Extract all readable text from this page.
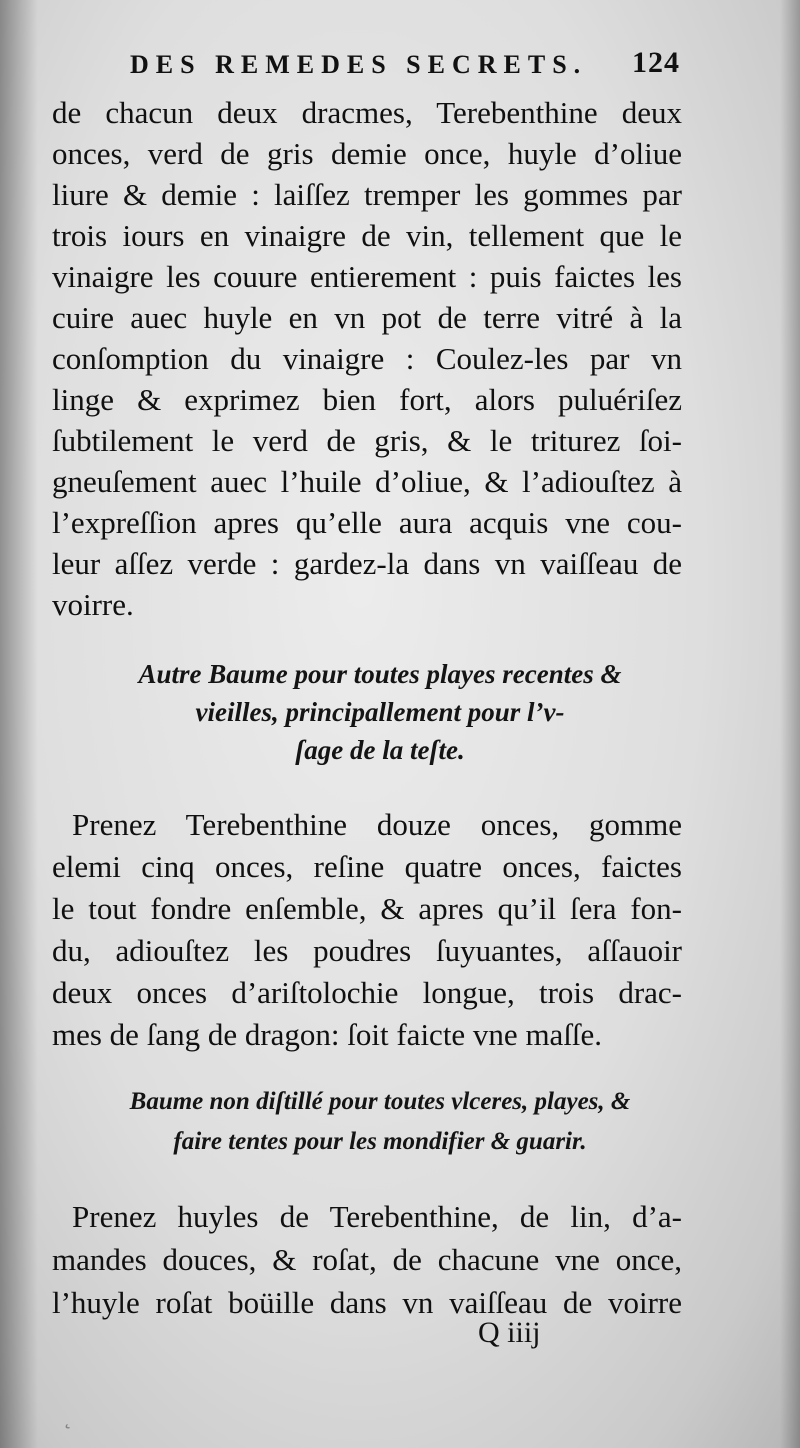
DES REMEDES SECRETS. 124
de chacun deux dracmes, Terebenthine deux
onces, verd de gris demie once, huyle d’oliue
liure & demie : laiſſez tremper les gommes par
trois iours en vinaigre de vin, tellement que le
vinaigre les couure entierement : puis faictes les
cuire auec huyle en vn pot de terre vitré à la
conſomption du vinaigre : Coulez-les par vn
linge & exprimez bien fort, alors puluériſez
ſubtilement le verd de gris, & le triturez ſoi-
gneuſement auec l’huile d’oliue, & l’adiouſtez à
l’expreſſion apres qu’elle aura acquis vne cou-
leur aſſez verde : gardez-la dans vn vaiſſeau de
voirre.
Autre Baume pour toutes playes recentes &
vieilles, principallement pour l’v-
ſage de la teſte.
Prenez Terebenthine douze onces, gomme
elemi cinq onces, reſine quatre onces, faictes
le tout fondre enſemble, & apres qu’il ſera fon-
du, adiouſtez les poudres ſuyuantes, aſſauoir
deux onces d’ariſtolochie longue, trois drac-
mes de ſang de dragon: ſoit faicte vne maſſe.
Baume non diſtillé pour toutes vlceres, playes, &
faire tentes pour les mondifier & guarir.
Prenez huyles de Terebenthine, de lin, d’a-
mandes douces, & roſat, de chacune vne once,
l’huyle roſat boüille dans vn vaiſſeau de voirre
Q iiij
˛
